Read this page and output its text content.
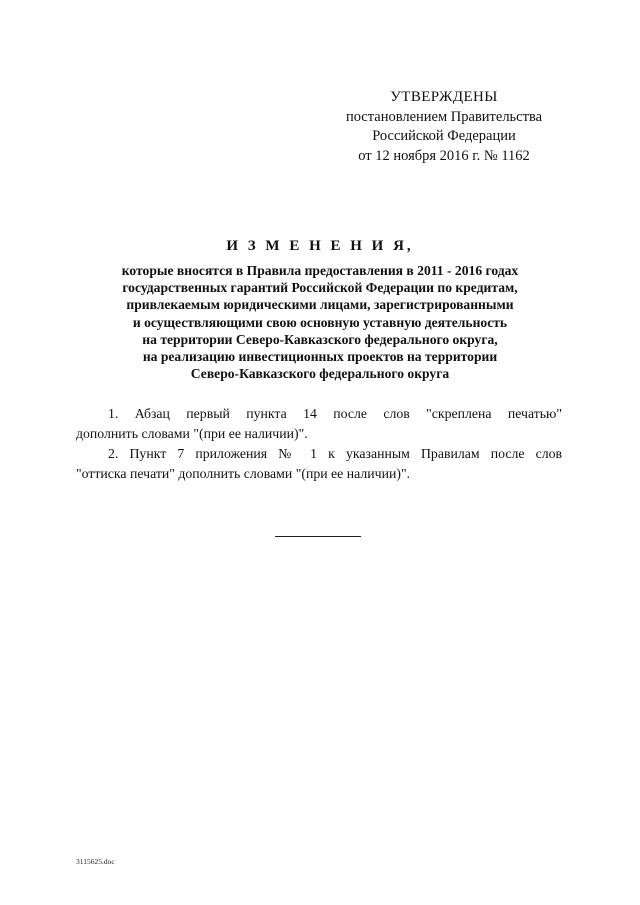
УТВЕРЖДЕНЫ
постановлением Правительства
Российской Федерации
от 12 ноября 2016 г. № 1162
И З М Е Н Е Н И Я,
которые вносятся в Правила предоставления в 2011 - 2016 годах
государственных гарантий Российской Федерации по кредитам,
привлекаемым юридическими лицами, зарегистрированными
и осуществляющими свою основную уставную деятельность
на территории Северо-Кавказского федерального округа,
на реализацию инвестиционных проектов на территории
Северо-Кавказского федерального округа

1. Абзац первый пункта 14 после слов "скреплена печатью"
дополнить словами "(при ее наличии)".

2. Пункт 7 приложения № 1 к указанным Правилам после слов
"оттиска печати" дополнить словами "(при ее наличии)".

3115625.doc
